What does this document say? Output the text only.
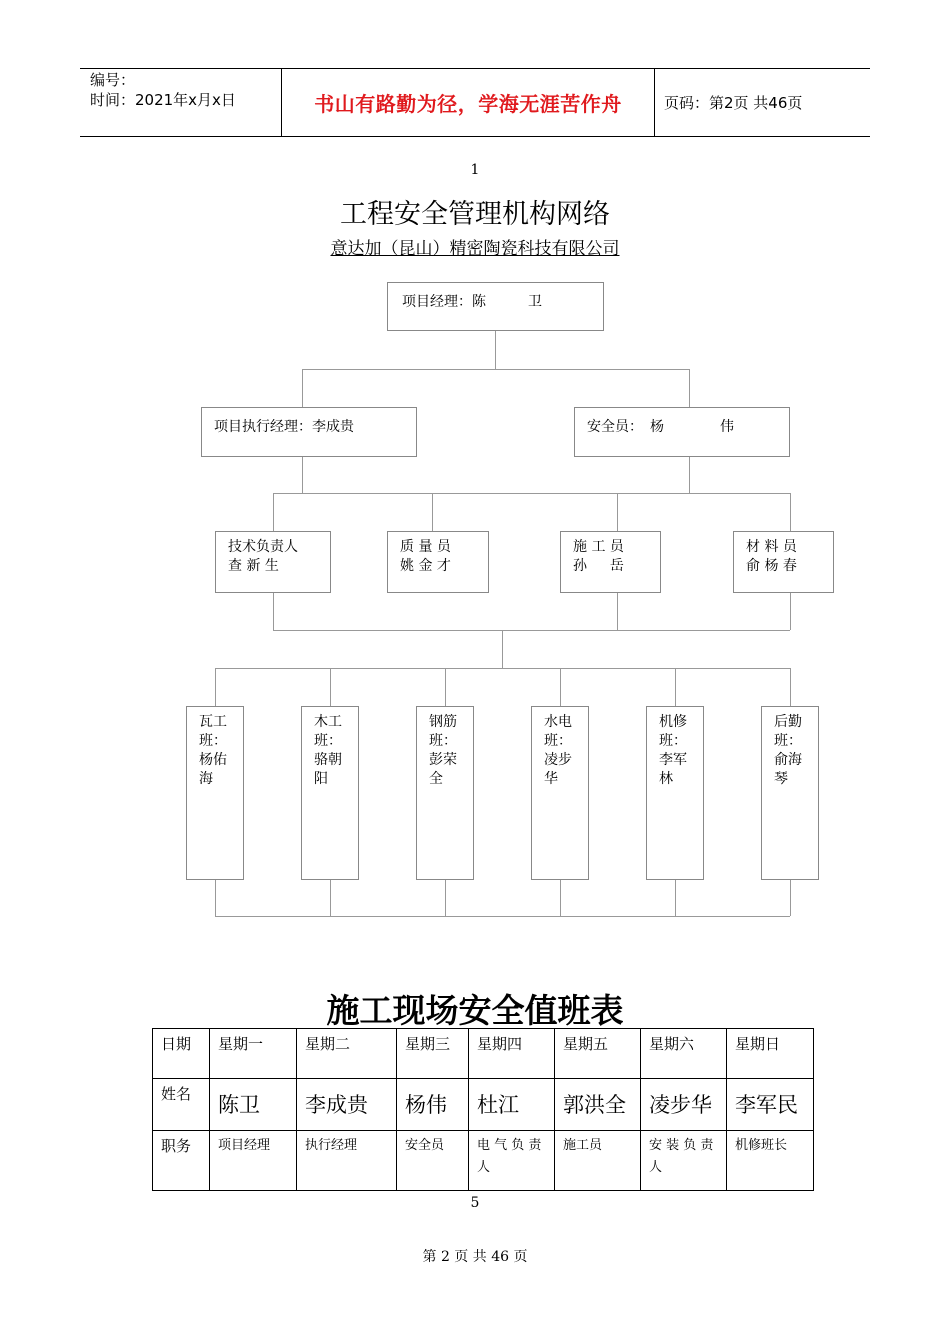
编号：
时间：2021年x月x日	书山有路勤为径，学海无涯苦作舟	页码：第2页 共46页
1
工程安全管理机构网络
意达加（昆山）精密陶瓷科技有限公司
项目经理：陈　　　卫
项目执行经理：李成贵	安全员：　杨　　　　伟
技术负责人
查 新 生
质 量 员
姚 金 才
施 工 员
孙 　 岳
材 料 员
俞 杨 春
瓦工班：杨佑海
木工班：骆朝阳
钢筋班：彭荣全
水电班：凌步华
机修班：李军林
后勤班：俞海琴
施工现场安全值班表
日期	星期一	星期二	星期三	星期四	星期五	星期六	星期日
姓名	陈卫	李成贵	杨伟	杜江	郭洪全	凌步华	李军民
职务	项目经理	执行经理	安全员	电 气 负 责 人	施工员	安 装 负 责 人	机修班长
5
第 2 页 共 46 页
